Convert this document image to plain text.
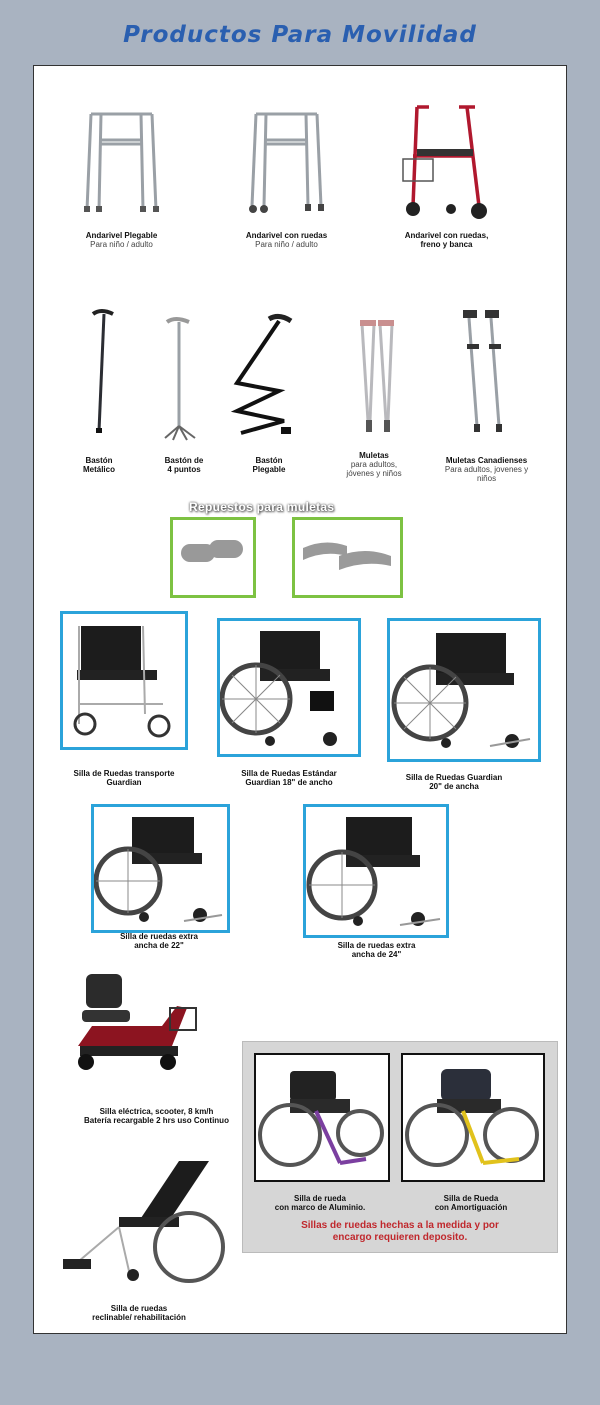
Productos Para Movilidad
Andarivel Plegable
Para niño / adulto
Andarivel con ruedas
Para niño / adulto
Andarivel con ruedas,
freno y banca
Bastón
Metálico
Bastón de
4 puntos
Bastón
Plegable
Muletas
para adultos,
jóvenes y niños
Muletas Canadienses
Para adultos, jovenes y
niños
Repuestos para muletas
Silla de Ruedas transporte
Guardian
Silla de Ruedas Estándar
Guardian 18" de ancho
Silla de Ruedas Guardian
20" de ancha
Silla de ruedas extra
ancha de 22"	Silla de ruedas extra
ancha de 24"
Silla eléctrica, scooter, 8 km/h
Batería recargable 2 hrs uso Continuo
Silla de ruedas
reclinable/ rehabilitación
Silla de rueda
con marco de Aluminio.
Silla de Rueda
con Amortiguación
Sillas de ruedas hechas a la medida y por
encargo requieren deposito.
